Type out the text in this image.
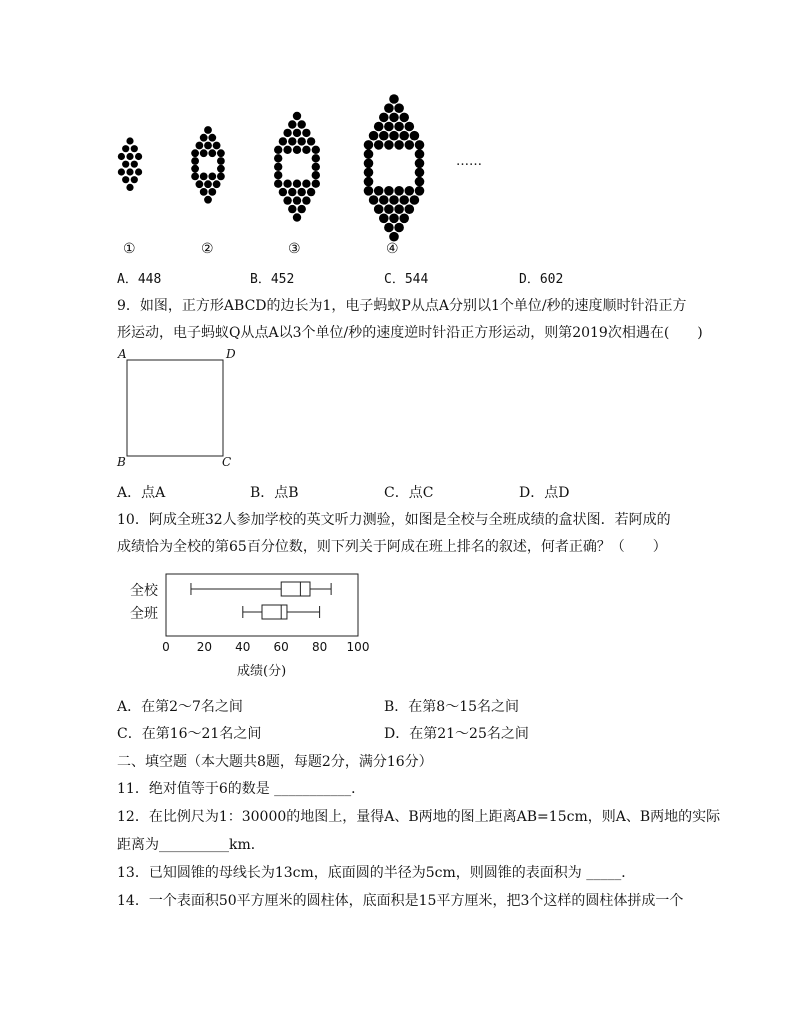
①	②	③	④
……
A．448	B．452	C．544	D．602
9．如图，正方形ABCD的边长为1，电子蚂蚁P从点A分别以1个单位/秒的速度顺时针沿正方
形运动，电子蚂蚁Q从点A以3个单位/秒的速度逆时针沿正方形运动，则第2019次相遇在(　　)
A	D
B	C
A．点A	B．点B	C．点C	D．点D
10．阿成全班32人参加学校的英文听力测验，如图是全校与全班成绩的盒状图．若阿成的
成绩恰为全校的第65百分位数，则下列关于阿成在班上排名的叙述，何者正确？（　　）
0 20 40 60 80 100
全校
全班
成绩(分)
A．在第2～7名之间	B．在第8～15名之间
C．在第16～21名之间	D．在第21～25名之间
二、填空题（本大题共8题，每题2分，满分16分）
11．绝对值等于6的数是 ___________．
12．在比例尺为1：30000的地图上，量得A、B两地的图上距离AB=15cm，则A、B两地的实际
距离为__________km．
13．已知圆锥的母线长为13cm，底面圆的半径为5cm，则圆锥的表面积为 _____．
14．一个表面积50平方厘米的圆柱体，底面积是15平方厘米，把3个这样的圆柱体拼成一个
